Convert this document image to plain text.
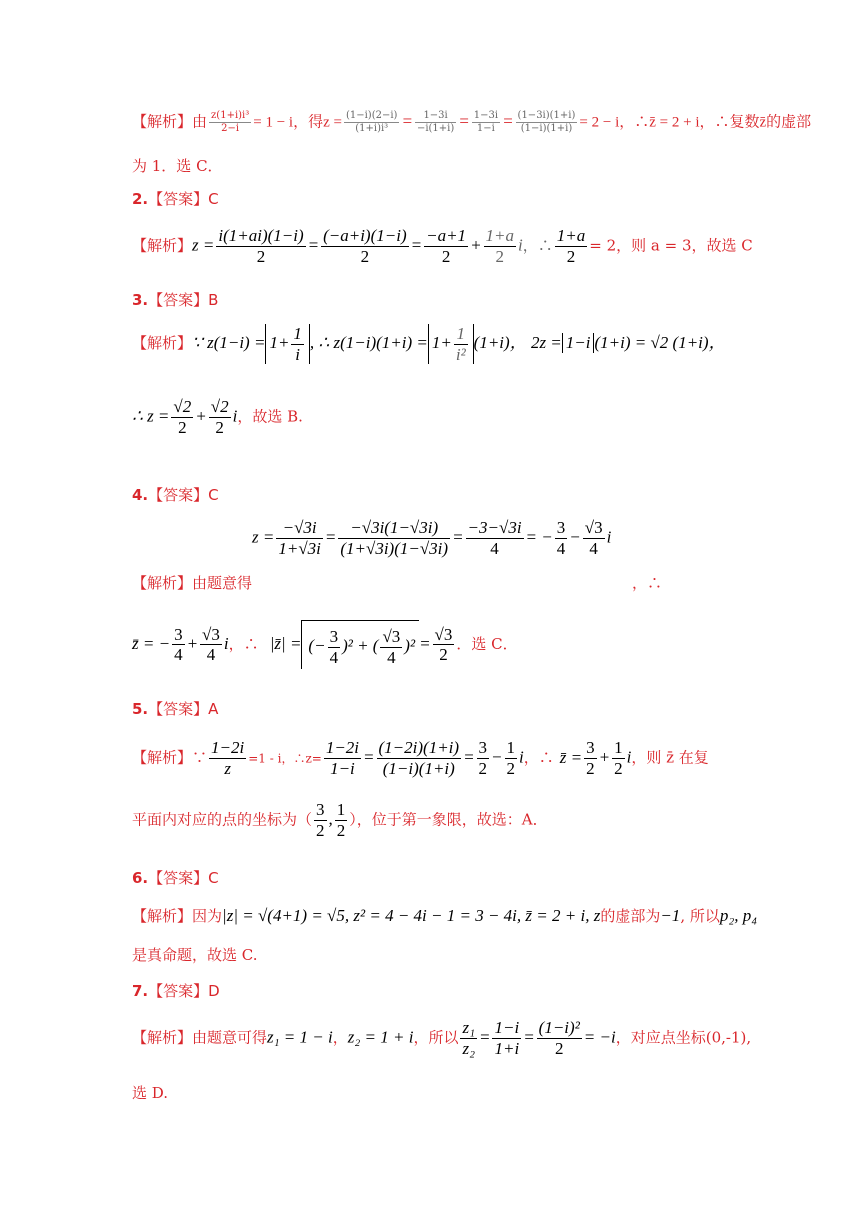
【解析】由 $\frac{\text{z(1+i)i³}}{2-i} = 1 - i$，得$z = \frac{(1-i)(2-i)}{\text{(1+i)i³}} = \frac{1-3i}{-i(1+i)} = \frac{1-3i}{1-i} = \frac{(1-3i)(1+i)}{(1-i)(1+i)} = 2 - i$，∴z̄ = 2 + i，∴复数z̄的虚部
为 1．选 C．
2.【答案】C
【解析】$z = \frac{i(1+ai)(1-i)}{2} = \frac{(-a+i)(1-i)}{2} = \frac{-a+1}{2} + \frac{1+a}{2}$ i，∴ $\frac{1+a}{2} = 2$，则 a = 3，故选 C
3.【答案】B
【解析】∵ $z(1-i) = 1+ \frac{1}{i}$ , ∴ $z(1-i)(1+i) = 1+ \frac{1}{\text{i²}} (1+i)$， 2z = 1−i (1+i) = √2 (1+i)，
∴ $z = \frac{√2}{2} + \frac{√2}{2}$ i，故选 B.
4.【答案】C
$z = \frac{-√3i}{1+√3i} = \frac{-√3i(1-√3i)}{(1+√3i)(1-√3i)} = \frac{-3-√3i}{4}$ = − $\frac{3}{4} - \frac{√3}{4}$ i
【解析】由题意得	，∴
z̄ = − $\frac{3}{4} + \frac{√3}{4}$ i，∴ |z̄| = (− $\frac{3}{4} )^2$ + ( $\frac{√3}{4} )^2 = \frac{√3}{2}$ ．选 C．
5.【答案】A
【解析】∵ $\frac{1-2i}{z} =1 - i$，∴z= $\frac{1-2i}{1-i} = \frac{(1-2i)(1+i)}{(1-i)(1+i)} = \frac{3}{2} - \frac{1}{2}$ i，∴ z̄ = $\frac{3}{2} + \frac{1}{2}$ i，则 z̄ 在复
平面内对应的点的坐标为（ $\frac{3}{2}$ , $\frac{1}{2}$ ），位于第一象限，故选：A．
6.【答案】C
【解析】因为|z| = √(4+1) = √5, z² = 4 − 4i − 1 = 3 − 4i, z̄ = 2 + i, z的虚部为−1, 所以p₂, p₄
是真命题，故选 C.
7.【答案】D
【解析】由题意可得z₁ = 1 − i，z₂ = 1 + i，所以 $\frac{\text{z₁}}{\text{z₂}} = \frac{1-i}{1+i} = \frac{\text{(1−i)²}}{2} = -i$，对应点坐标(0,-1),
选 D.
